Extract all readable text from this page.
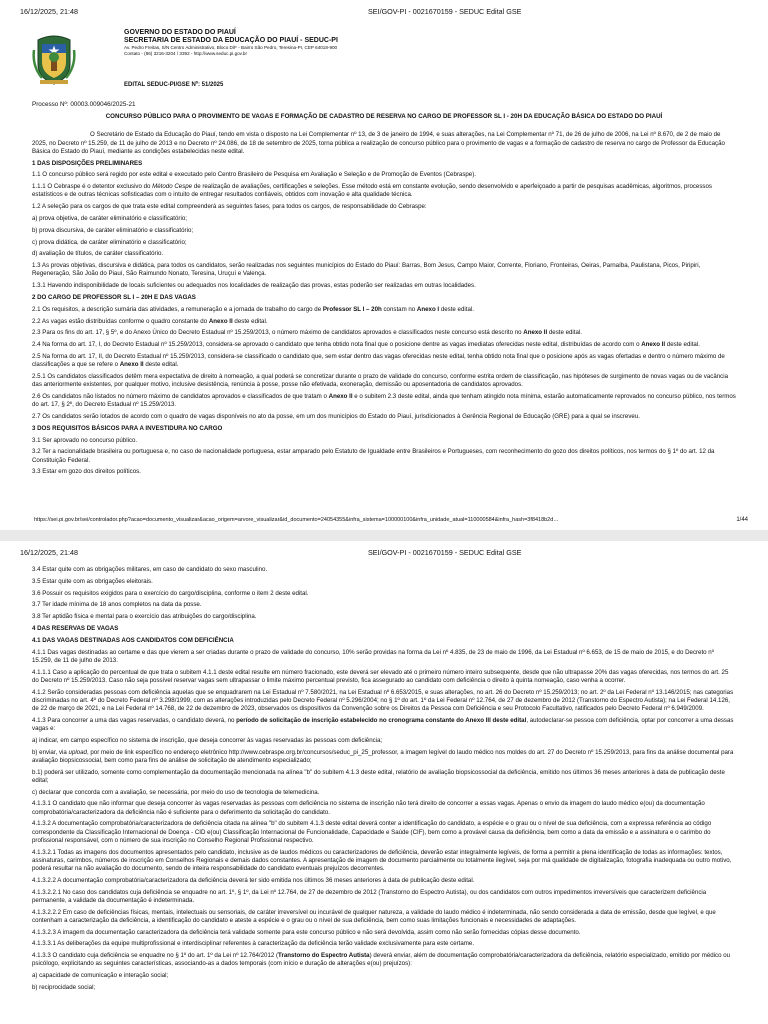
16/12/2025, 21:48	SEI/GOV-PI - 0021670159 - SEDUC Edital GSE
GOVERNO DO ESTADO DO PIAUÍ
SECRETARIA DE ESTADO DA EDUCAÇÃO DO PIAUÍ - SEDUC-PI
Av. Pedro Freitas, S/N Centro Administrativo, Bloco D/F - Bairro São Pedro, Teresina-PI, CEP 64018-900
Contato - (86) 3216-3204 / 3392 - http://www.seduc.pi.gov.br
EDITAL SEDUC-PI/GSE Nº: 51/2025

Processo Nº: 00003.009046/2025-21

CONCURSO PÚBLICO PARA O PROVIMENTO DE VAGAS E FORMAÇÃO DE CADASTRO DE RESERVA NO CARGO DE PROFESSOR SL I - 20H DA EDUCAÇÃO BÁSICA DO ESTADO DO PIAUÍ

O Secretário de Estado da Educação do Piauí, tendo em vista o disposto na Lei Complementar nº 13, de 3 de janeiro de 1994, e suas alterações, na Lei Complementar nº 71, de 26 de julho de 2006, na Lei nº 8.670, de 2 de maio de 2025, no Decreto nº 15.259, de 11 de julho de 2013 e no Decreto nº 24.086, de 18 de setembro de 2025, torna pública a realização de concurso público para o provimento de vagas e a formação de cadastro de reserva no cargo de Professor da Educação Básica do Estado do Piauí, mediante as condições estabelecidas neste edital.

1 DAS DISPOSIÇÕES PRELIMINARES

1.1 O concurso público será regido por este edital e executado pelo Centro Brasileiro de Pesquisa em Avaliação e Seleção e de Promoção de Eventos (Cebraspe).

1.1.1 O Cebraspe é o detentor exclusivo do Método Cespe de realização de avaliações, certificações e seleções. Esse método está em constante evolução, sendo desenvolvido e aperfeiçoado a partir de pesquisas acadêmicas, algoritmos, processos estatísticos e de outras técnicas sofisticadas com o intuito de entregar resultados confiáveis, obtidos com inovação e alta qualidade técnica.

1.2 A seleção para os cargos de que trata este edital compreenderá as seguintes fases, para todos os cargos, de responsabilidade do Cebraspe:

a) prova objetiva, de caráter eliminatório e classificatório;

b) prova discursiva, de caráter eliminatório e classificatório;

c) prova didática, de caráter eliminatório e classificatório;

d) avaliação de títulos, de caráter classificatório.

1.3 As provas objetivas, discursiva e didática, para todos os candidatos, serão realizadas nos seguintes municípios do Estado do Piauí: Barras, Bom Jesus, Campo Maior, Corrente, Floriano, Fronteiras, Oeiras, Parnaíba, Paulistana, Picos, Piripiri, Regeneração, São João do Piauí, São Raimundo Nonato, Teresina, Uruçuí e Valença.

1.3.1 Havendo indisponibilidade de locais suficientes ou adequados nos localidades de realização das provas, estas poderão ser realizadas em outras localidades.

2 DO CARGO DE PROFESSOR SL I – 20H E DAS VAGAS

2.1 Os requisitos, a descrição sumária das atividades, a remuneração e a jornada de trabalho do cargo de Professor SL I – 20h constam no Anexo I deste edital.

2.2 As vagas estão distribuídas conforme o quadro constante do Anexo II deste edital.

2.3 Para os fins do art. 17, § 5º, e do Anexo Único do Decreto Estadual nº 15.259/2013, o número máximo de candidatos aprovados e classificados neste concurso está descrito no Anexo II deste edital.

2.4 Na forma do art. 17, I, do Decreto Estadual nº 15.259/2013, considera-se aprovado o candidato que tenha obtido nota final que o posicione dentre as vagas imediatas oferecidas neste edital, distribuídas de acordo com o Anexo II deste edital.

2.5 Na forma do art. 17, II, do Decreto Estadual nº 15.259/2013, considera-se classificado o candidato que, sem estar dentro das vagas oferecidas neste edital, tenha obtido nota final que o posicione após as vagas ofertadas e dentro o número máximo de classificações a que se refere o Anexo II deste edital.

2.5.1 Os candidatos classificados detêm mera expectativa de direito à nomeação, a qual poderá se concretizar durante o prazo de validade do concurso, conforme estrita ordem de classificação, nas hipóteses de surgimento de novas vagas ou de vacância das anteriormente existentes, por qualquer motivo, inclusive desistência, renúncia à posse, posse não efetivada, exoneração, demissão ou aposentadoria de candidatos aprovados.

2.6 Os candidatos não listados no número máximo de candidatos aprovados e classificados de que tratam o Anexo II e o subitem 2.3 deste edital, ainda que tenham atingido nota mínima, estarão automaticamente reprovados no concurso público, nos termos do art. 17, § 2º, do Decreto Estadual nº 15.259/2013.

2.7 Os candidatos serão lotados de acordo com o quadro de vagas disponíveis no ato da posse, em um dos municípios do Estado do Piauí, jurisdicionados à Gerência Regional de Educação (GRE) para a qual se inscreveu.

3 DOS REQUISITOS BÁSICOS PARA A INVESTIDURA NO CARGO

3.1 Ser aprovado no concurso público.

3.2 Ter a nacionalidade brasileira ou portuguesa e, no caso de nacionalidade portuguesa, estar amparado pelo Estatuto de Igualdade entre Brasileiros e Portugueses, com reconhecimento do gozo dos direitos políticos, nos termos do § 1º do art. 12 da Constituição Federal.

3.3 Estar em gozo dos direitos políticos.

https://sei.pi.gov.br/sei/controlador.php?acao=documento_visualizar&acao_origem=arvore_visualizar&id_documento=24054355&infra_sistema=100000100&infra_unidade_atual=110000584&infra_hash=3f8418b2d…	1/44
16/12/2025, 21:48	SEI/GOV-PI - 0021670159 - SEDUC Edital GSE

3.4 Estar quite com as obrigações militares, em caso de candidato do sexo masculino.

3.5 Estar quite com as obrigações eleitorais.

3.6 Possuir os requisitos exigidos para o exercício do cargo/disciplina, conforme o item 2 deste edital.

3.7 Ter idade mínima de 18 anos completos na data da posse.

3.8 Ter aptidão física e mental para o exercício das atribuições do cargo/disciplina.

4 DAS RESERVAS DE VAGAS

4.1 DAS VAGAS DESTINADAS AOS CANDIDATOS COM DEFICIÊNCIA

4.1.1 Das vagas destinadas ao certame e das que vierem a ser criadas durante o prazo de validade do concurso, 10% serão providas na forma da Lei nº 4.835, de 23 de maio de 1996, da Lei Estadual nº 6.653, de 15 de maio de 2015, e do Decreto nº 15.259, de 11 de julho de 2013.

4.1.1.1 Caso a aplicação do percentual de que trata o subitem 4.1.1 deste edital resulte em número fracionado, este deverá ser elevado até o primeiro número inteiro subsequente, desde que não ultrapasse 20% das vagas oferecidas, nos termos do art. 25 do Decreto nº 15.259/2013. Caso não seja possível reservar vagas sem ultrapassar o limite máximo percentual previsto, fica assegurado ao candidato com deficiência o direito à quinta nomeação, caso venha a ocorrer.

4.1.2 Serão consideradas pessoas com deficiência aquelas que se enquadrarem na Lei Estadual nº 7.580/2021, na Lei Estadual nº 6.653/2015, e suas alterações, no art. 26 do Decreto nº 15.259/2013; no art. 2º da Lei Federal nº 13.146/2015; nas categorias discriminadas no art. 4º do Decreto Federal nº 3.298/1999, com as alterações introduzidas pelo Decreto Federal nº 5.296/2004; no § 1º do art. 1º da Lei Federal nº 12.764, de 27 de dezembro de 2012 (Transtorno do Espectro Autista); na Lei Federal 14.126, de 22 de março de 2021, e na Lei Federal nº 14.768, de 22 de dezembro de 2023, observados os dispositivos da Convenção sobre os Direitos da Pessoa com Deficiência e seu Protocolo Facultativo, ratificados pelo Decreto Federal nº 6.949/2009.

4.1.3 Para concorrer a uma das vagas reservadas, o candidato deverá, no período de solicitação de inscrição estabelecido no cronograma constante do Anexo III deste edital, autodeclarar-se pessoa com deficiência, optar por concorrer a uma dessas vagas e:

a) indicar, em campo específico no sistema de inscrição, que deseja concorrer às vagas reservadas às pessoas com deficiência;

b) enviar, via upload, por meio de link específico no endereço eletrônico http://www.cebraspe.org.br/concursos/seduc_pi_25_professor, a imagem legível do laudo médico nos moldes do art. 27 do Decreto nº 15.259/2013, para fins da análise documental para avaliação biopsicossocial, bem como para fins de análise de solicitação de atendimento especializado;

b.1) poderá ser utilizado, somente como complementação da documentação mencionada na alínea "b" do subitem 4.1.3 deste edital, relatório de avaliação biopsicossocial da deficiência, emitido nos últimos 36 meses anteriores à data de publicação deste edital;

c) declarar que concorda com a avaliação, se necessária, por meio do uso de tecnologia de telemedicina.

4.1.3.1 O candidato que não informar que deseja concorrer às vagas reservadas às pessoas com deficiência no sistema de inscrição não terá direito de concorrer a essas vagas. Apenas o envio da imagem do laudo médico e(ou) da documentação comprobatória/caracterizadora da deficiência não é suficiente para o deferimento da solicitação do candidato.

4.1.3.2 A documentação comprobatória/caracterizadora de deficiência citada na alínea "b" do subitem 4.1.3 deste edital deverá conter a identificação do candidato, a espécie e o grau ou o nível de sua deficiência, com a expressa referência ao código correspondente da Classificação Internacional de Doença - CID e(ou) Classificação Internacional de Funcionalidade, Capacidade e Saúde (CIF), bem como a provável causa da deficiência, bem como a data da emissão e a assinatura e o carimbo do profissional responsável, com o número de sua inscrição no Conselho Regional Profissional respectivo.

4.1.3.2.1 Todas as imagens dos documentos apresentados pelo candidato, inclusive as de laudos médicos ou caracterizadores de deficiência, deverão estar integralmente legíveis, de forma a permitir a plena identificação de todas as informações: textos, assinaturas, carimbos, números de inscrição em Conselhos Regionais e demais dados constantes. A apresentação de imagem de documento parcialmente ou totalmente ilegível, seja por má qualidade de digitalização, fotografia inadequada ou outro motivo, poderá resultar na não avaliação do documento, sendo de inteira responsabilidade do candidato eventuais prejuízos decorrentes.

4.1.3.2.2 A documentação comprobatória/caracterizadora da deficiência deverá ter sido emitida nos últimos 36 meses anteriores à data de publicação deste edital.

4.1.3.2.2.1 No caso dos candidatos cuja deficiência se enquadre no art. 1º, § 1º, da Lei nº 12.764, de 27 de dezembro de 2012 (Transtorno do Espectro Autista), ou dos candidatos com outros impedimentos irreversíveis que caracterizem deficiência permanente, a validade da documentação é indeterminada.

4.1.3.2.2.2 Em caso de deficiências físicas, mentais, intelectuais ou sensoriais, de caráter irreversível ou incurável de qualquer natureza, a validade do laudo médico é indeterminada, não sendo considerada a data de emissão, desde que legível, e que contenham a caracterização da deficiência, a identificação do candidato e ateste a espécie e o grau ou o nível de sua deficiência, bem como suas limitações funcionais e necessidades de adaptações.

4.1.3.2.3 A imagem da documentação caracterizadora da deficiência terá validade somente para este concurso público e não será devolvida, assim como não serão fornecidas cópias desse documento.

4.1.3.3.1 As deliberações da equipe multiprofissional e interdisciplinar referentes à caracterização da deficiência terão validade exclusivamente para este certame.

4.1.3.3 O candidato cuja deficiência se enquadre no § 1º do art. 1º da Lei nº 12.764/2012 (Transtorno do Espectro Autista) deverá enviar, além de documentação comprobatória/caracterizadora da deficiência, relatório especializado, emitido por médico ou psicólogo, explicitando as seguintes características, associando-as a dados temporais (com início e duração de alterações e(ou) prejuízos):

a) capacidade de comunicação e interação social;

b) reciprocidade social;
